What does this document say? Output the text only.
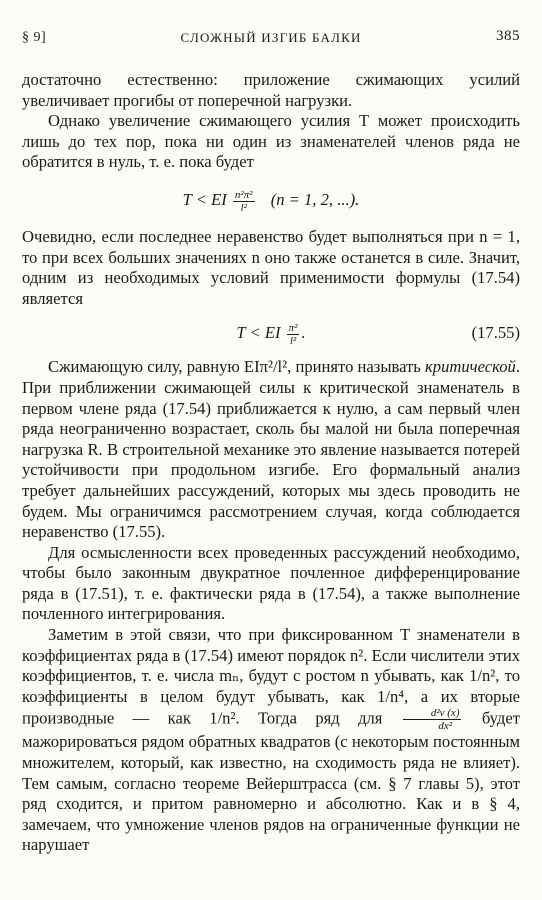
§ 9]	СЛОЖНЫЙ ИЗГИБ БАЛКИ	385

достаточно естественно: приложение сжимающих усилий увеличивает прогибы от поперечной нагрузки.

Однако увеличение сжимающего усилия T может происходить лишь до тех пор, пока ни один из знаменателей членов ряда не обратится в нуль, т. е. пока будет

T < EI $\frac{\text{n²π²}}{\text{l²}} (n = 1$, 2, ...).

Очевидно, если последнее неравенство будет выполняться при n = 1, то при всех больших значениях n оно также останется в силе. Значит, одним из необходимых условий применимости формулы (17.54) является

T < EI $\frac{\text{π²}}{\text{l²}}$ .	(17.55)

Сжимающую силу, равную EIπ²/l², принято называть критической. При приближении сжимающей силы к критической знаменатель в первом члене ряда (17.54) приближается к нулю, а сам первый член ряда неограниченно возрастает, сколь бы малой ни была поперечная нагрузка R. В строительной механике это явление называется потерей устойчивости при продольном изгибе. Его формальный анализ требует дальнейших рассуждений, которых мы здесь проводить не будем. Мы ограничимся рассмотрением случая, когда соблюдается неравенство (17.55).

Для осмысленности всех проведенных рассуждений необходимо, чтобы было законным двукратное почленное дифференцирование ряда в (17.51), т. е. фактически ряда в (17.54), а также выполнение почленного интегрирования.

Заметим в этой связи, что при фиксированном T знаменатели в коэффициентах ряда в (17.54) имеют порядок n². Если числители этих коэффициентов, т. е. числа mₙ, будут с ростом n убывать, как 1/n², то коэффициенты в целом будут убывать, как 1/n⁴, а их вторые производные — как 1/n². Тогда ряд для $\frac{\text{d²v (x)}}{\text{dx²}}$ будет мажорироваться рядом обратных квадратов (с некоторым постоянным множителем, который, как известно, на сходимость ряда не влияет). Тем самым, согласно теореме Вейерштрасса (см. § 7 главы 5), этот ряд сходится, и притом равномерно и абсолютно. Как и в § 4, замечаем, что умножение членов рядов на ограниченные функции не нарушает
